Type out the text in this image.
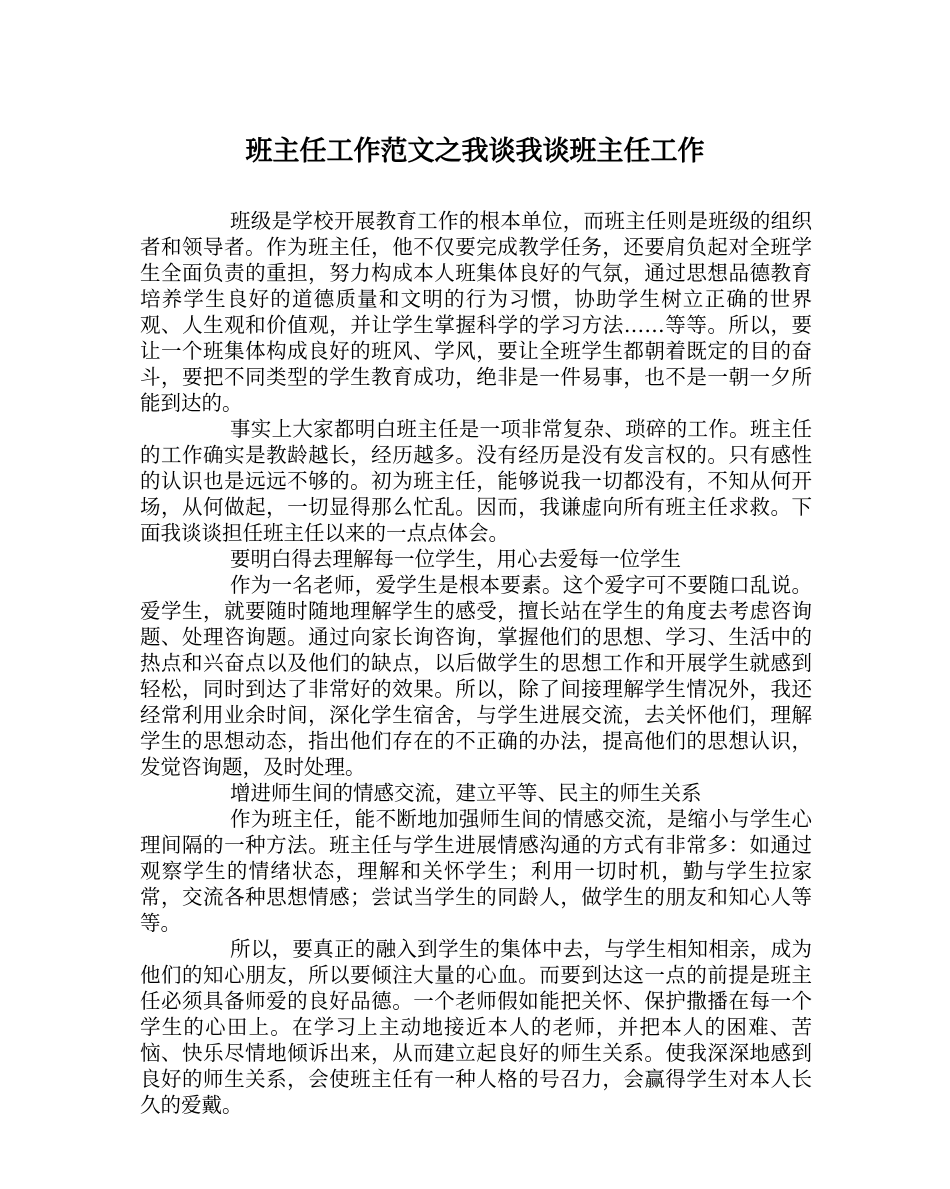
班主任工作范文之我谈我谈班主任工作

班级是学校开展教育工作的根本单位，而班主任则是班级的组织者和领导者。作为班主任，他不仅要完成教学任务，还要肩负起对全班学生全面负责的重担，努力构成本人班集体良好的气氛，通过思想品德教育培养学生良好的道德质量和文明的行为习惯，协助学生树立正确的世界观、人生观和价值观，并让学生掌握科学的学习方法……等等。所以，要让一个班集体构成良好的班风、学风，要让全班学生都朝着既定的目的奋斗，要把不同类型的学生教育成功，绝非是一件易事，也不是一朝一夕所能到达的。

事实上大家都明白班主任是一项非常复杂、琐碎的工作。班主任的工作确实是教龄越长，经历越多。没有经历是没有发言权的。只有感性的认识也是远远不够的。初为班主任，能够说我一切都没有，不知从何开场，从何做起，一切显得那么忙乱。因而，我谦虚向所有班主任求救。下面我谈谈担任班主任以来的一点点体会。

要明白得去理解每一位学生，用心去爱每一位学生

作为一名老师，爱学生是根本要素。这个爱字可不要随口乱说。爱学生，就要随时随地理解学生的感受，擅长站在学生的角度去考虑咨询题、处理咨询题。通过向家长询咨询，掌握他们的思想、学习、生活中的热点和兴奋点以及他们的缺点，以后做学生的思想工作和开展学生就感到轻松，同时到达了非常好的效果。所以，除了间接理解学生情况外，我还经常利用业余时间，深化学生宿舍，与学生进展交流，去关怀他们，理解学生的思想动态，指出他们存在的不正确的办法，提高他们的思想认识，发觉咨询题，及时处理。

增进师生间的情感交流，建立平等、民主的师生关系

作为班主任，能不断地加强师生间的情感交流，是缩小与学生心理间隔的一种方法。班主任与学生进展情感沟通的方式有非常多：如通过观察学生的情绪状态，理解和关怀学生；利用一切时机，勤与学生拉家常，交流各种思想情感；尝试当学生的同龄人，做学生的朋友和知心人等等。

所以，要真正的融入到学生的集体中去，与学生相知相亲，成为他们的知心朋友，所以要倾注大量的心血。而要到达这一点的前提是班主任必须具备师爱的良好品德。一个老师假如能把关怀、保护撒播在每一个学生的心田上。在学习上主动地接近本人的老师，并把本人的困难、苦恼、快乐尽情地倾诉出来，从而建立起良好的师生关系。使我深深地感到良好的师生关系，会使班主任有一种人格的号召力，会赢得学生对本人长久的爱戴。
